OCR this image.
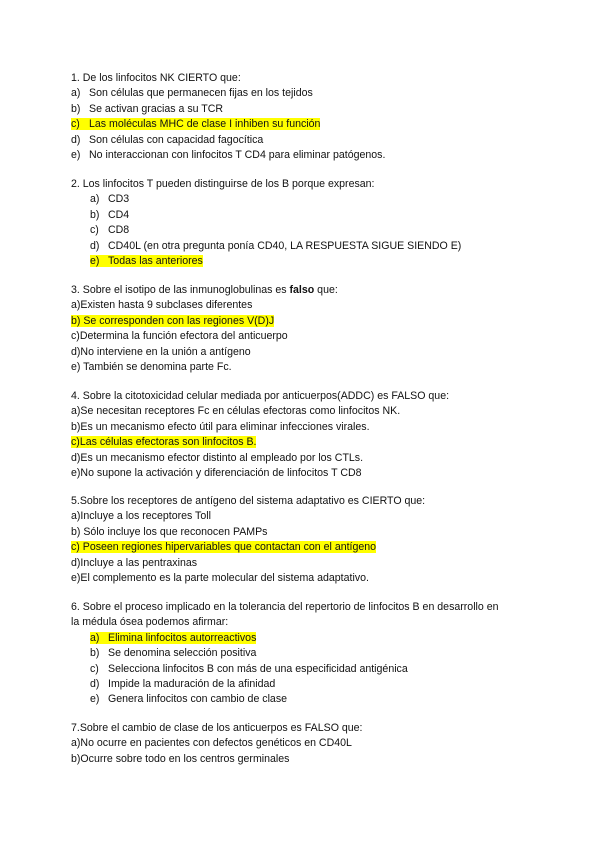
1. De los linfocitos NK CIERTO que:
a) Son células que permanecen fijas en los tejidos
b) Se activan gracias a su TCR
c) Las moléculas MHC de clase I inhiben su función
d) Son células con capacidad fagocítica
e) No interaccionan con linfocitos T CD4 para eliminar patógenos.
2. Los linfocitos T pueden distinguirse de los B porque expresan:
a) CD3
b) CD4
c) CD8
d) CD40L (en otra pregunta ponía CD40, LA RESPUESTA SIGUE SIENDO E)
e) Todas las anteriores
3. Sobre el isotipo de las inmunoglobulinas es falso que:
a)Existen hasta 9 subclases diferentes
b) Se corresponden con las regiones V(D)J
c)Determina la función efectora del anticuerpo
d)No interviene en la unión a antígeno
e) También se denomina parte Fc.
4. Sobre la citotoxicidad celular mediada por anticuerpos(ADDC) es FALSO que:
a)Se necesitan receptores Fc en células efectoras como linfocitos NK.
b)Es un mecanismo efecto útil para eliminar infecciones virales.
c)Las células efectoras son linfocitos B.
d)Es un mecanismo efector distinto al empleado por los CTLs.
e)No supone la activación y diferenciación de linfocitos T CD8
5.Sobre los receptores de antígeno del sistema adaptativo es CIERTO que:
a)Incluye a los receptores Toll
b) Sólo incluye los que reconocen PAMPs
c) Poseen regiones hipervariables que contactan con el antígeno
d)Incluye a las pentraxinas
e)El complemento es la parte molecular del sistema adaptativo.
6. Sobre el proceso implicado en la tolerancia del repertorio de linfocitos B en desarrollo en
la médula ósea podemos afirmar:
a) Elimina linfocitos autorreactivos
b) Se denomina selección positiva
c) Selecciona linfocitos B con más de una especificidad antigénica
d) Impide la maduración de la afinidad
e) Genera linfocitos con cambio de clase
7.Sobre el cambio de clase de los anticuerpos es FALSO que:
a)No ocurre en pacientes con defectos genéticos en CD40L
b)Ocurre sobre todo en los centros germinales
